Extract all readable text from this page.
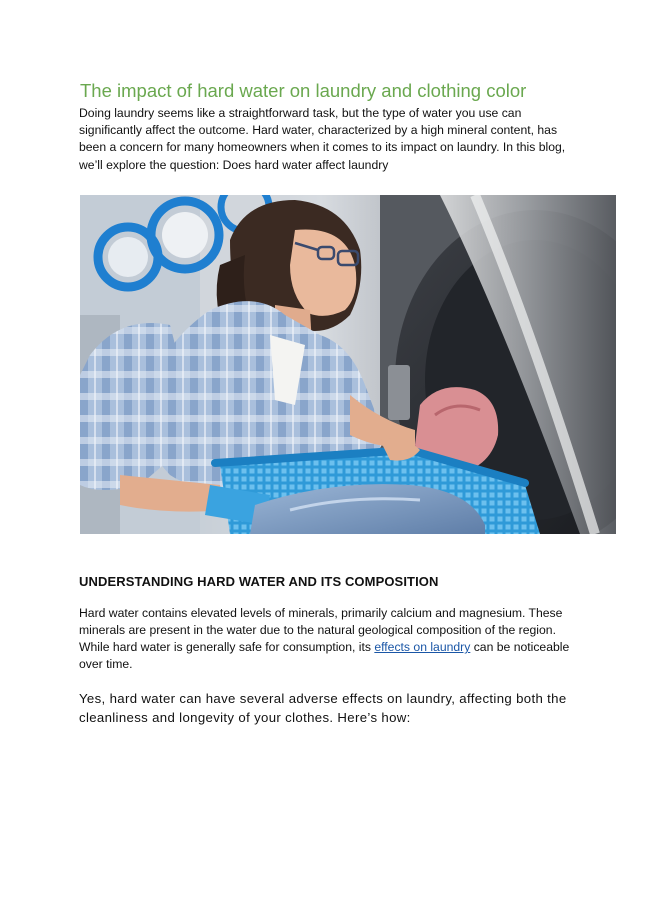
The impact of hard water on laundry and clothing color

Doing laundry seems like a straightforward task, but the type of water you use can significantly affect the outcome. Hard water, characterized by a high mineral content, has been a concern for many homeowners when it comes to its impact on laundry. In this blog, we’ll explore the question: Does hard water affect laundry

UNDERSTANDING HARD WATER AND ITS COMPOSITION

Hard water contains elevated levels of minerals, primarily calcium and magnesium. These minerals are present in the water due to the natural geological composition of the region. While hard water is generally safe for consumption, its effects on laundry can be noticeable over time.

Yes, hard water can have several adverse effects on laundry, affecting both the cleanliness and longevity of your clothes. Here’s how:
